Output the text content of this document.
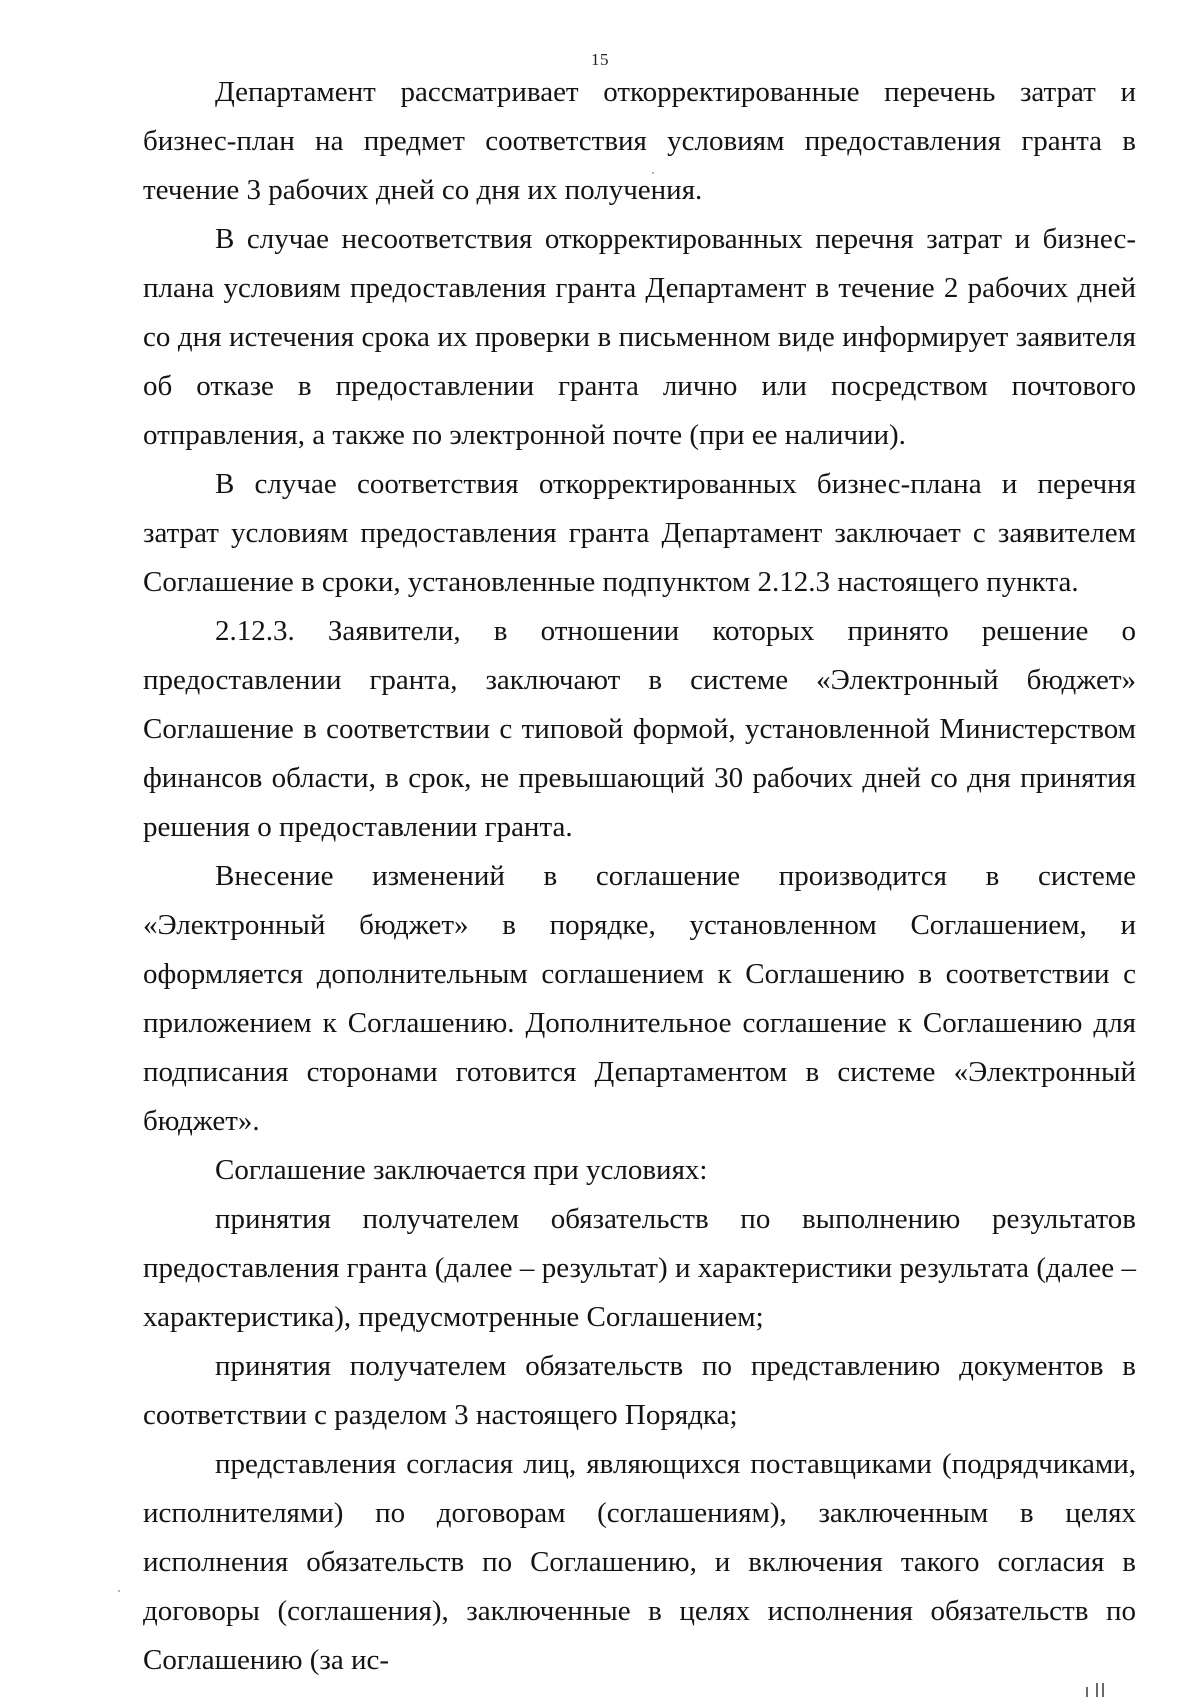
15

Департамент рассматривает откорректированные перечень затрат и бизнес-план на предмет соответствия условиям предоставления гранта в течение 3 рабочих дней со дня их получения.

В случае несоответствия откорректированных перечня затрат и бизнес-плана условиям предоставления гранта Департамент в течение 2 рабочих дней со дня истечения срока их проверки в письменном виде информирует заявителя об отказе в предоставлении гранта лично или посредством почтового отправления, а также по электронной почте (при ее наличии).

В случае соответствия откорректированных бизнес-плана и перечня затрат условиям предоставления гранта Департамент заключает с заявителем Соглашение в сроки, установленные подпунктом 2.12.3 настоящего пункта.

2.12.3. Заявители, в отношении которых принято решение о предоставлении гранта, заключают в системе «Электронный бюджет» Соглашение в соответствии с типовой формой, установленной Министерством финансов области, в срок, не превышающий 30 рабочих дней со дня принятия решения о предоставлении гранта.

Внесение изменений в соглашение производится в системе «Электронный бюджет» в порядке, установленном Соглашением, и оформляется дополнительным соглашением к Соглашению в соответствии с приложением к Соглашению. Дополнительное соглашение к Соглашению для подписания сторонами готовится Департаментом в системе «Электронный бюджет».

Соглашение заключается при условиях:

принятия получателем обязательств по выполнению результатов предоставления гранта (далее – результат) и характеристики результата (далее – характеристика), предусмотренные Соглашением;

принятия получателем обязательств по представлению документов в соответствии с разделом 3 настоящего Порядка;

представления согласия лиц, являющихся поставщиками (подрядчиками, исполнителями) по договорам (соглашениям), заключенным в целях исполнения обязательств по Соглашению, и включения такого согласия в договоры (соглашения), заключенные в целях исполнения обязательств по Соглашению (за ис-
